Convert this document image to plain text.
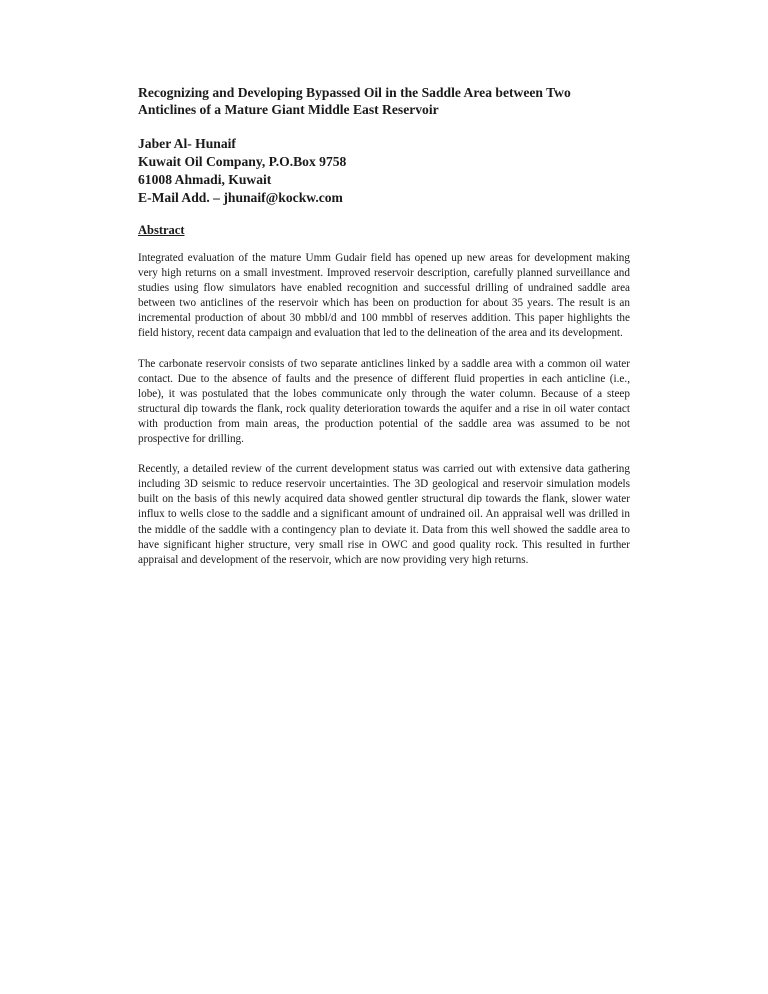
Recognizing and Developing Bypassed Oil in the Saddle Area between Two Anticlines of a Mature Giant Middle East Reservoir
Jaber Al- Hunaif
Kuwait Oil Company, P.O.Box 9758
61008 Ahmadi, Kuwait
E-Mail Add. – jhunaif@kockw.com
Abstract

Integrated evaluation of the mature Umm Gudair field has opened up new areas for development making very high returns on a small investment. Improved reservoir description, carefully planned surveillance and studies using flow simulators have enabled recognition and successful drilling of undrained saddle area between two anticlines of the reservoir which has been on production for about 35 years. The result is an incremental production of about 30 mbbl/d and 100 mmbbl of reserves addition. This paper highlights the field history, recent data campaign and evaluation that led to the delineation of the area and its development.

The carbonate reservoir consists of two separate anticlines linked by a saddle area with a common oil water contact. Due to the absence of faults and the presence of different fluid properties in each anticline (i.e., lobe), it was postulated that the lobes communicate only through the water column. Because of a steep structural dip towards the flank, rock quality deterioration towards the aquifer and a rise in oil water contact with production from main areas, the production potential of the saddle area was assumed to be not prospective for drilling.

Recently, a detailed review of the current development status was carried out with extensive data gathering including 3D seismic to reduce reservoir uncertainties. The 3D geological and reservoir simulation models built on the basis of this newly acquired data showed gentler structural dip towards the flank, slower water influx to wells close to the saddle and a significant amount of undrained oil. An appraisal well was drilled in the middle of the saddle with a contingency plan to deviate it. Data from this well showed the saddle area to have significant higher structure, very small rise in OWC and good quality rock. This resulted in further appraisal and development of the reservoir, which are now providing very high returns.
